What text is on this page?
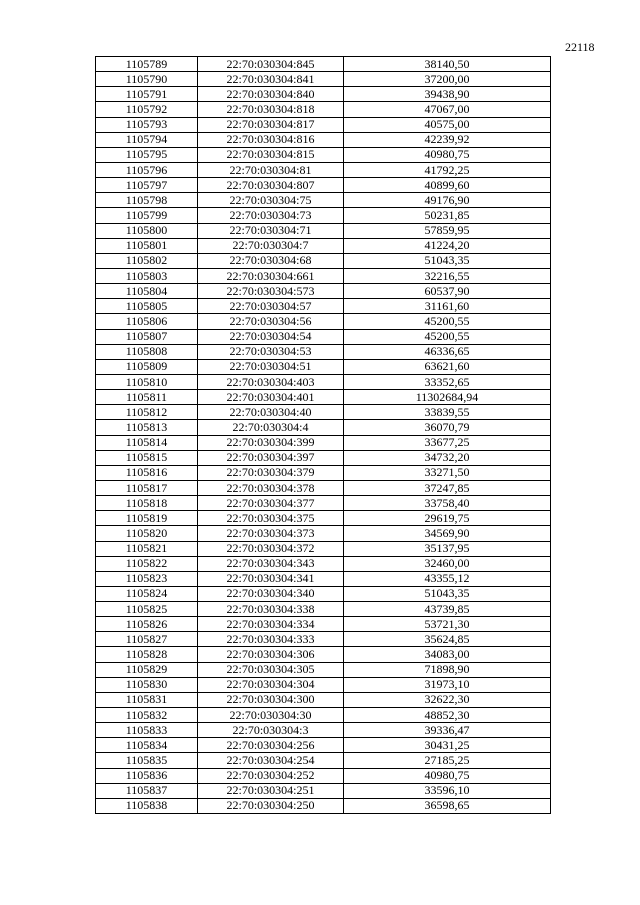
22118
1105789	22:70:030304:845	38140,50
1105790	22:70:030304:841	37200,00
1105791	22:70:030304:840	39438,90
1105792	22:70:030304:818	47067,00
1105793	22:70:030304:817	40575,00
1105794	22:70:030304:816	42239,92
1105795	22:70:030304:815	40980,75
1105796	22:70:030304:81	41792,25
1105797	22:70:030304:807	40899,60
1105798	22:70:030304:75	49176,90
1105799	22:70:030304:73	50231,85
1105800	22:70:030304:71	57859,95
1105801	22:70:030304:7	41224,20
1105802	22:70:030304:68	51043,35
1105803	22:70:030304:661	32216,55
1105804	22:70:030304:573	60537,90
1105805	22:70:030304:57	31161,60
1105806	22:70:030304:56	45200,55
1105807	22:70:030304:54	45200,55
1105808	22:70:030304:53	46336,65
1105809	22:70:030304:51	63621,60
1105810	22:70:030304:403	33352,65
1105811	22:70:030304:401	11302684,94
1105812	22:70:030304:40	33839,55
1105813	22:70:030304:4	36070,79
1105814	22:70:030304:399	33677,25
1105815	22:70:030304:397	34732,20
1105816	22:70:030304:379	33271,50
1105817	22:70:030304:378	37247,85
1105818	22:70:030304:377	33758,40
1105819	22:70:030304:375	29619,75
1105820	22:70:030304:373	34569,90
1105821	22:70:030304:372	35137,95
1105822	22:70:030304:343	32460,00
1105823	22:70:030304:341	43355,12
1105824	22:70:030304:340	51043,35
1105825	22:70:030304:338	43739,85
1105826	22:70:030304:334	53721,30
1105827	22:70:030304:333	35624,85
1105828	22:70:030304:306	34083,00
1105829	22:70:030304:305	71898,90
1105830	22:70:030304:304	31973,10
1105831	22:70:030304:300	32622,30
1105832	22:70:030304:30	48852,30
1105833	22:70:030304:3	39336,47
1105834	22:70:030304:256	30431,25
1105835	22:70:030304:254	27185,25
1105836	22:70:030304:252	40980,75
1105837	22:70:030304:251	33596,10
1105838	22:70:030304:250	36598,65
